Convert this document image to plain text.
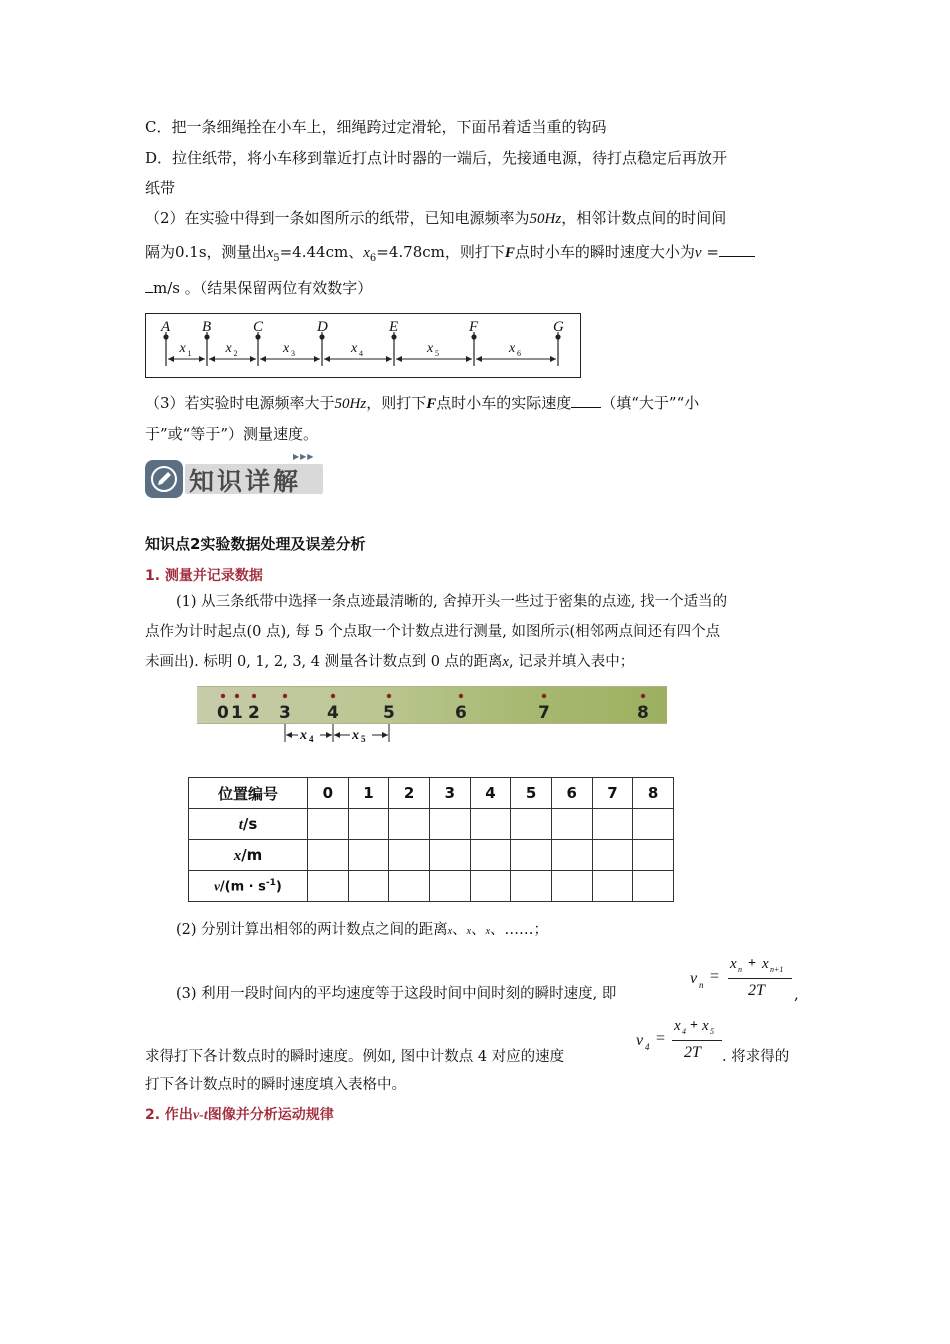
C．把一条细绳拴在小车上，细绳跨过定滑轮，下面吊着适当重的钩码
D．拉住纸带，将小车移到靠近打点计时器的一端后，先接通电源，待打点稳定后再放开
纸带
（2）在实验中得到一条如图所示的纸带，已知电源频率为50Hz，相邻计数点间的时间间
隔为0.1s，测量出$x_5=4.44cm$、$x_6=4.78cm$，则打下F点时小车的瞬时速度大小为v =
m/s 。（结果保留两位有效数字）
A B	C	D	E	F	G
x 1 x 2	x 3	x 4	x 5	x 6
（3）若实验时电源频率大于50Hz，则打下F点时小车的实际速度 （填“大于”“小
于”或“等于”）测量速度。
知识详解
▶▶▶
知识点2实验数据处理及误差分析
1. 测量并记录数据
(1) 从三条纸带中选择一条点迹最清晰的, 舍掉开头一些过于密集的点迹, 找一个适当的
点作为计时起点(0 点), 每 5 个点取一个计数点进行测量, 如图所示(相邻两点间还有四个点
未画出). 标明 0, 1, 2, 3, 4 测量各计数点到 0 点的距离x, 记录并填入表中；
0 1 2 3 4	5	6	7	8
x 4	x 5
位置编号	0	1	2	3	4	5	6	7	8
t/s									
x/m									
$v/(m \cdot s^{-1})$									
(2) 分别计算出相邻的两计数点之间的距离x、x、x、……；
(3) 利用一段时间内的平均速度等于这段时间中间时刻的瞬时速度, 即
v n =
x n + x n+1
2T ,
求得打下各计数点时的瞬时速度。例如, 图中计数点 4 对应的速度
v 4 =
x 4 + x 5
2T . 将求得的
打下各计数点时的瞬时速度填入表格中。
2. 作出v-t图像并分析运动规律
